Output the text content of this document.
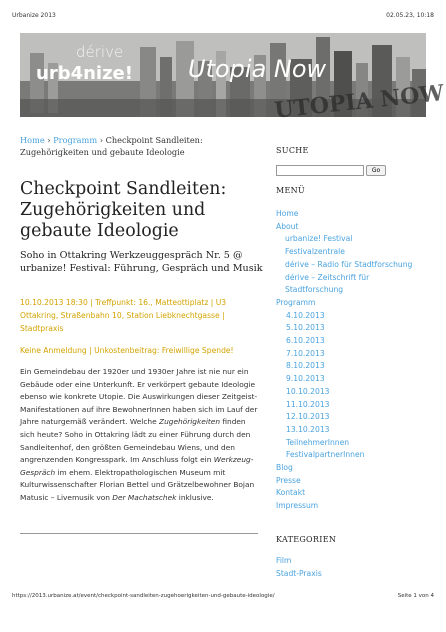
Urbanize 2013	02.05.23, 10:18
UTOPIA NOW
Utopia Now
dérive
urb4nize!
Home › Programm › Checkpoint Sandleiten: Zugehörigkeiten und gebaute Ideologie
Checkpoint Sandleiten: Zugehörigkeiten und gebaute Ideologie
Soho in Ottakring Werkzeuggespräch Nr. 5 @ urbanize! Festival: Führung, Gespräch und Musik
10.10.2013 18:30 | Treffpunkt: 16., Matteottiplatz | U3 Ottakring, Straßenbahn 10, Station Liebknechtgasse | Stadtpraxis
Keine Anmeldung | Unkostenbeitrag: Freiwillige Spende!
Ein Gemeindebau der 1920er und 1930er Jahre ist nie nur ein Gebäude oder eine Unterkunft. Er verkörpert gebaute Ideologie ebenso wie konkrete Utopie. Die Auswirkungen dieser Zeitgeist-Manifestationen auf ihre BewohnerInnen haben sich im Lauf der Jahre naturgemäß verändert. Welche Zugehörigkeiten finden sich heute? Soho in Ottakring lädt zu einer Führung durch den Sandleitenhof, den größten Gemeindebau Wiens, und den angrenzenden Kongresspark. Im Anschluss folgt ein Werkzeug-Gespräch im ehem. Elektropathologischen Museum mit Kulturwissenschafter Florian Bettel und Grätzelbewohner Bojan Matusic – Livemusik von Der Machatschek inklusive.
SUCHE
Go
MENÜ
Home
About
urbanize! Festival
Festivalzentrale
dérive – Radio für Stadtforschung
dérive – Zeitschrift für Stadtforschung
Programm
4.10.2013
5.10.2013
6.10.2013
7.10.2013
8.10.2013
9.10.2013
10.10.2013
11.10.2013
12.10.2013
13.10.2013
TeilnehmerInnen
FestivalpartnerInnen
Blog
Presse
Kontakt
Impressum
KATEGORIEN
Film
Stadt-Praxis
https://2013.urbanize.at/event/checkpoint-sandleiten-zugehoerigkeiten-und-gebaute-ideologie/	Seite 1 von 4
